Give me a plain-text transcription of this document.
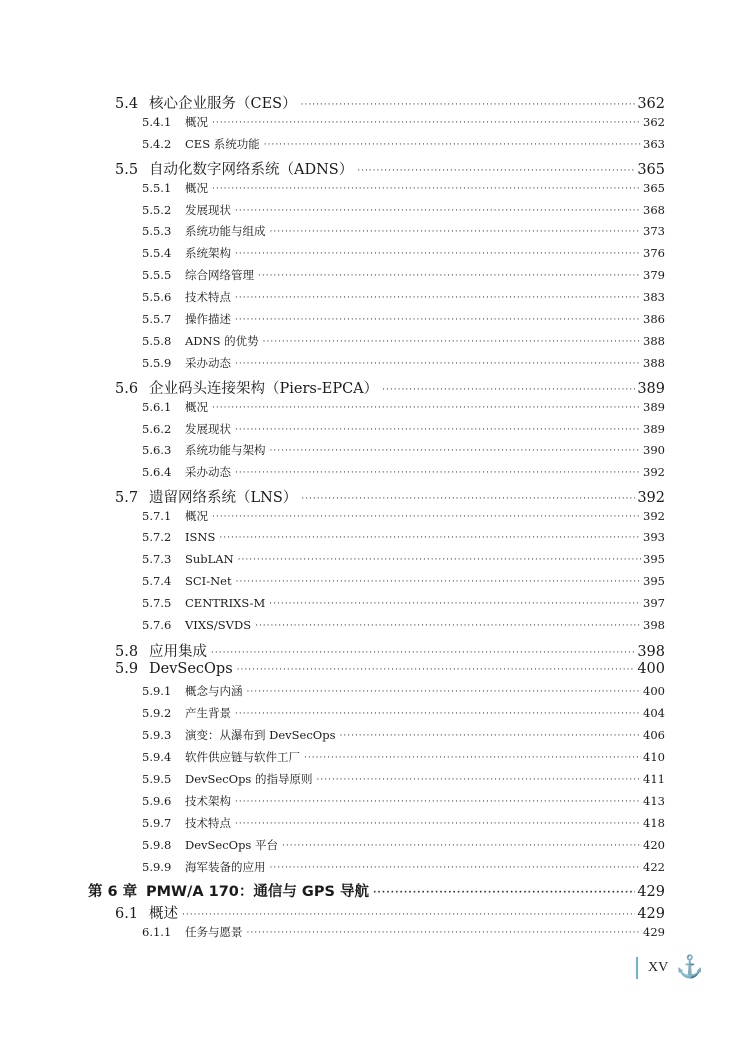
5.4 核心企业服务（CES） ·····	362
5.4.1	概况 ·····	362
5.4.2	CES 系统功能 ·····	363
5.5 自动化数字网络系统（ADNS） ·····	365
5.5.1	概况 ·····	365
5.5.2	发展现状 ·····	368
5.5.3	系统功能与组成 ·····	373
5.5.4	系统架构 ·····	376
5.5.5	综合网络管理 ·····	379
5.5.6	技术特点 ·····	383
5.5.7	操作描述 ·····	386
5.5.8	ADNS 的优势 ·····	388
5.5.9	采办动态 ·····	388
5.6 企业码头连接架构（Piers-EPCA） ·····	389
5.6.1	概况 ·····	389
5.6.2	发展现状 ·····	389
5.6.3	系统功能与架构 ·····	390
5.6.4	采办动态 ·····	392
5.7 遗留网络系统（LNS） ·····	392
5.7.1	概况 ·····	392
5.7.2	ISNS ·····	393
5.7.3	SubLAN ·····	395
5.7.4	SCI-Net ·····	395
5.7.5	CENTRIXS-M ·····	397
5.7.6	VIXS/SVDS ·····	398
5.8 应用集成 ·····	398
5.9 DevSecOps ·····	400
5.9.1	概念与内涵 ·····	400
5.9.2	产生背景 ·····	404
5.9.3	演变：从瀑布到 DevSecOps ·····	406
5.9.4	软件供应链与软件工厂 ·····	410
5.9.5	DevSecOps 的指导原则 ·····	411
5.9.6	技术架构 ·····	413
5.9.7	技术特点 ·····	418
5.9.8	DevSecOps 平台 ·····	420
5.9.9	海军装备的应用 ·····	422
第 6 章 PMW/A 170：通信与 GPS 导航 ·····	429
6.1 概述 ·····	429
6.1.1	任务与愿景 ·····	429
XV ⚓
